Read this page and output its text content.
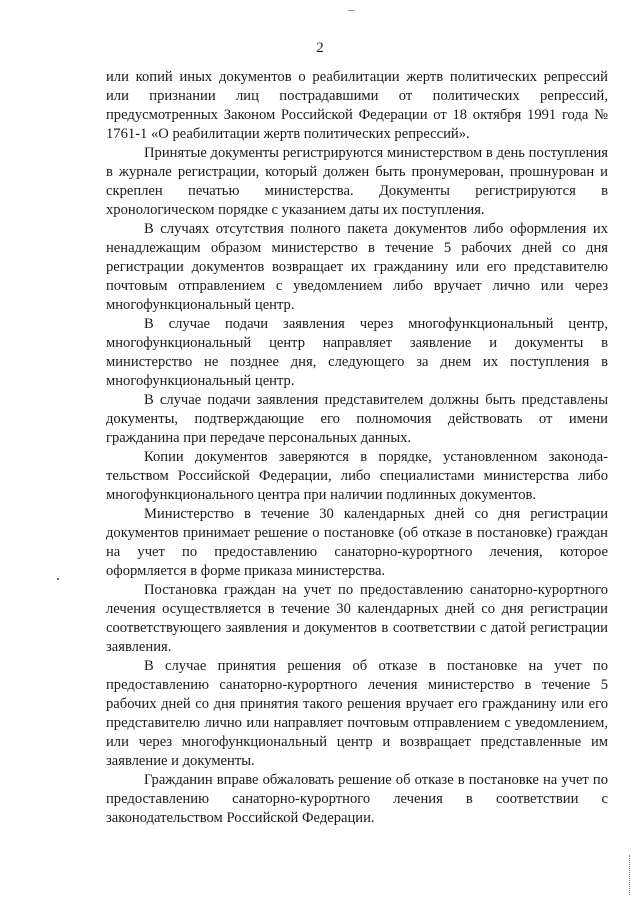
2

или копий иных документов о реабилитации жертв политических репрессий или признании лиц пострадавшими от политических репрессий, предусмотренных Законом Российской Федерации от 18 октября 1991 года № 1761-1 «О реабилитации жертв политических репрессий».

Принятые документы регистрируются министерством в день поступления в журнале регистрации, который должен быть пронумерован, прошнурован и скреплен печатью министерства. Документы регистрируются в хронологическом порядке с указанием даты их поступления.

В случаях отсутствия полного пакета документов либо оформления их ненадлежащим образом министерство в течение 5 рабочих дней со дня регистрации документов возвращает их гражданину или его представителю почтовым отправлением с уведомлением либо вручает лично или через многофункциональный центр.

В случае подачи заявления через многофункциональный центр, многофункциональный центр направляет заявление и документы в министерство не позднее дня, следующего за днем их поступления в многофункциональный центр.

В случае подачи заявления представителем должны быть представлены документы, подтверждающие его полномочия действовать от имени гражданина при передаче персональных данных.

Копии документов заверяются в порядке, установленном законода-тельством Российской Федерации, либо специалистами министерства либо многофункционального центра при наличии подлинных документов.

Министерство в течение 30 календарных дней со дня регистрации документов принимает решение о постановке (об отказе в постановке) граждан на учет по предоставлению санаторно-курортного лечения, которое оформляется в форме приказа министерства.

Постановка граждан на учет по предоставлению санаторно-курортного лечения осуществляется в течение 30 календарных дней со дня регистрации соответствующего заявления и документов в соответствии с датой регистрации заявления.

В случае принятия решения об отказе в постановке на учет по предоставлению санаторно-курортного лечения министерство в течение 5 рабочих дней со дня принятия такого решения вручает его гражданину или его представителю лично или направляет почтовым отправлением с уведомлением, или через многофункциональный центр и возвращает представленные им заявление и документы.

Гражданин вправе обжаловать решение об отказе в постановке на учет по предоставлению санаторно-курортного лечения в соответствии с законодательством Российской Федерации.
